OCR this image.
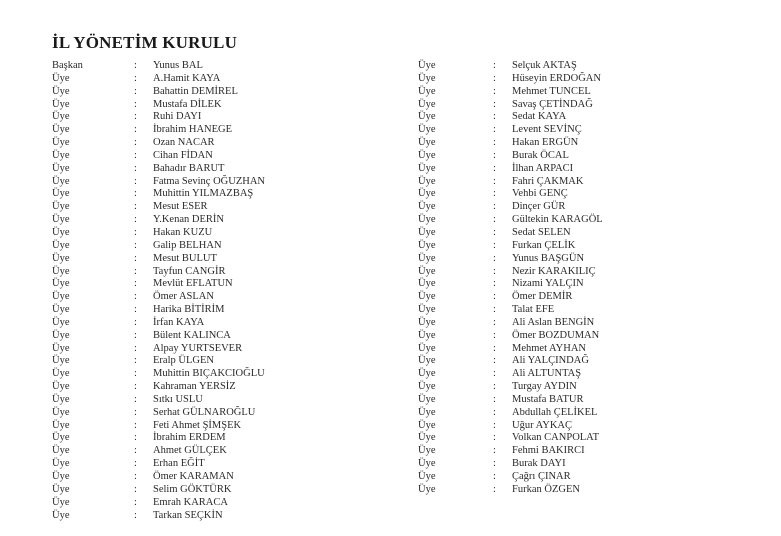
İL YÖNETİM KURULU
Başkan	: Yunus BAL
Üye	: A.Hamit KAYA
Üye	: Bahattin DEMİREL
Üye	: Mustafa DİLEK
Üye	: Ruhi DAYI
Üye	: İbrahim HANEGE
Üye	: Ozan NACAR
Üye	: Cihan FİDAN
Üye	: Bahadır BARUT
Üye	: Fatma Sevinç OĞUZHAN
Üye	: Muhittin YILMAZBAŞ
Üye	: Mesut ESER
Üye	: Y.Kenan DERİN
Üye	: Hakan KUZU
Üye	: Galip BELHAN
Üye	: Mesut BULUT
Üye	: Tayfun CANGİR
Üye	: Mevlüt EFLATUN
Üye	: Ömer ASLAN
Üye	: Harika BİTİRİM
Üye	: İrfan KAYA
Üye	: Bülent KALINCA
Üye	: Alpay YURTSEVER
Üye	: Eralp ÜLGEN
Üye	: Muhittin BIÇAKCIOĞLU
Üye	: Kahraman YERSİZ
Üye	: Sıtkı USLU
Üye	: Serhat GÜLNAROĞLU
Üye	: Feti Ahmet ŞİMŞEK
Üye	: İbrahim ERDEM
Üye	: Ahmet GÜLÇEK
Üye	: Erhan EĞİT
Üye	: Ömer KARAMAN
Üye	: Selim GÖKTÜRK
Üye	: Emrah KARACA
Üye	: Tarkan SEÇKİN
Üye	: Selçuk AKTAŞ
Üye	: Hüseyin ERDOĞAN
Üye	: Mehmet TUNCEL
Üye	: Savaş ÇETİNDAĞ
Üye	: Sedat KAYA
Üye	: Levent SEVİNÇ
Üye	: Hakan ERGÜN
Üye	: Burak ÖCAL
Üye	: İlhan ARPACI
Üye	: Fahri ÇAKMAK
Üye	: Vehbi GENÇ
Üye	: Dinçer GÜR
Üye	: Gültekin KARAGÖL
Üye	: Sedat SELEN
Üye	: Furkan ÇELİK
Üye	: Yunus BAŞGÜN
Üye	: Nezir KARAKILIÇ
Üye	: Nizami YALÇIN
Üye	: Ömer DEMİR
Üye	: Talat EFE
Üye	: Ali Aslan BENGİN
Üye	: Ömer BOZDUMAN
Üye	: Mehmet AYHAN
Üye	: Ali YALÇINDAĞ
Üye	: Ali ALTUNTAŞ
Üye	: Turgay AYDIN
Üye	: Mustafa BATUR
Üye	: Abdullah ÇELİKEL
Üye	: Uğur AYKAÇ
Üye	: Volkan CANPOLAT
Üye	: Fehmi BAKIRCI
Üye	: Burak DAYI
Üye	: Çağrı ÇINAR
Üye	: Furkan ÖZGEN
